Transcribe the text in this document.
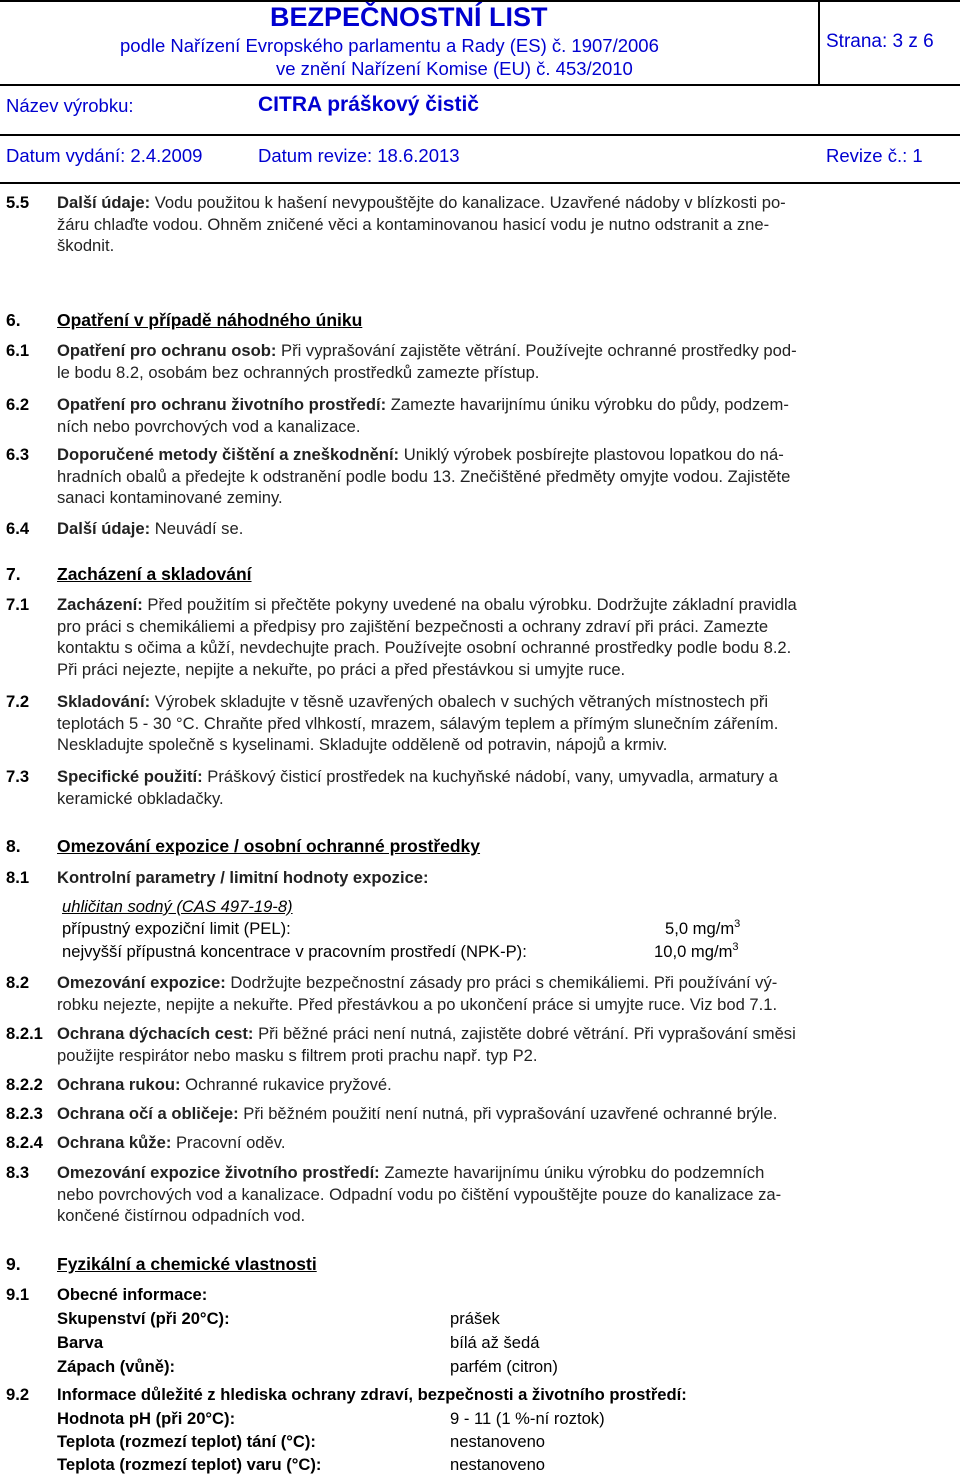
BEZPEČNOSTNÍ LIST
podle Nařízení Evropského parlamentu a Rady (ES) č. 1907/2006
ve znění Nařízení Komise (EU) č. 453/2010
Strana: 3 z 6
Název výrobku:	CITRA práškový čistič
Datum vydání: 2.4.2009	Datum revize: 18.6.2013	Revize č.: 1
5.5 Další údaje: Vodu použitou k hašení nevypouštějte do kanalizace. Uzavřené nádoby v blízkosti po-
žáru chlaďte vodou. Ohněm zničené věci a kontaminovanou hasicí vodu je nutno odstranit a zne-
škodnit.
6. Opatření v případě náhodného úniku
6.1 Opatření pro ochranu osob: Při vyprašování zajistěte větrání. Používejte ochranné prostředky pod-
le bodu 8.2, osobám bez ochranných prostředků zamezte přístup.
6.2 Opatření pro ochranu životního prostředí: Zamezte havarijnímu úniku výrobku do půdy, podzem-
ních nebo povrchových vod a kanalizace.
6.3 Doporučené metody čištění a zneškodnění: Uniklý výrobek posbírejte plastovou lopatkou do ná-
hradních obalů a předejte k odstranění podle bodu 13. Znečištěné předměty omyjte vodou. Zajistěte
sanaci kontaminované zeminy.
6.4 Další údaje: Neuvádí se.
7. Zacházení a skladování
7.1 Zacházení: Před použitím si přečtěte pokyny uvedené na obalu výrobku. Dodržujte základní pravidla
pro práci s chemikáliemi a předpisy pro zajištění bezpečnosti a ochrany zdraví při práci. Zamezte
kontaktu s očima a kůží, nevdechujte prach. Používejte osobní ochranné prostředky podle bodu 8.2.
Při práci nejezte, nepijte a nekuřte, po práci a před přestávkou si umyjte ruce.
7.2 Skladování: Výrobek skladujte v těsně uzavřených obalech v suchých větraných místnostech při
teplotách 5 - 30 °C. Chraňte před vlhkostí, mrazem, sálavým teplem a přímým slunečním zářením.
Neskladujte společně s kyselinami. Skladujte odděleně od potravin, nápojů a krmiv.
7.3 Specifické použití: Práškový čisticí prostředek na kuchyňské nádobí, vany, umyvadla, armatury a
keramické obkladačky.
8. Omezování expozice / osobní ochranné prostředky
8.1 Kontrolní parametry / limitní hodnoty expozice:
uhličitan sodný (CAS 497-19-8)
přípustný expoziční limit (PEL):	5,0 $mg/m^3$
nejvyšší přípustná koncentrace v pracovním prostředí (NPK-P):	10,0 $mg/m^3$
8.2 Omezování expozice: Dodržujte bezpečnostní zásady pro práci s chemikáliemi. Při používání vý-
robku nejezte, nepijte a nekuřte. Před přestávkou a po ukončení práce si umyjte ruce. Viz bod 7.1.
8.2.1 Ochrana dýchacích cest: Při běžné práci není nutná, zajistěte dobré větrání. Při vyprašování směsi
použijte respirátor nebo masku s filtrem proti prachu např. typ P2.
8.2.2 Ochrana rukou: Ochranné rukavice pryžové.
8.2.3 Ochrana očí a obličeje: Při běžném použití není nutná, při vyprašování uzavřené ochranné brýle.
8.2.4 Ochrana kůže: Pracovní oděv.
8.3 Omezování expozice životního prostředí: Zamezte havarijnímu úniku výrobku do podzemních
nebo povrchových vod a kanalizace. Odpadní vodu po čištění vypouštějte pouze do kanalizace za-
končené čistírnou odpadních vod.
9. Fyzikální a chemické vlastnosti
9.1 Obecné informace:
Skupenství (při 20°C):	prášek
Barva	bílá až šedá
Zápach (vůně):	parfém (citron)
9.2 Informace důležité z hlediska ochrany zdraví, bezpečnosti a životního prostředí:
Hodnota pH (při 20°C):	9 - 11 (1 %-ní roztok)
Teplota (rozmezí teplot) tání (°C):	nestanoveno
Teplota (rozmezí teplot) varu (°C):	nestanoveno
